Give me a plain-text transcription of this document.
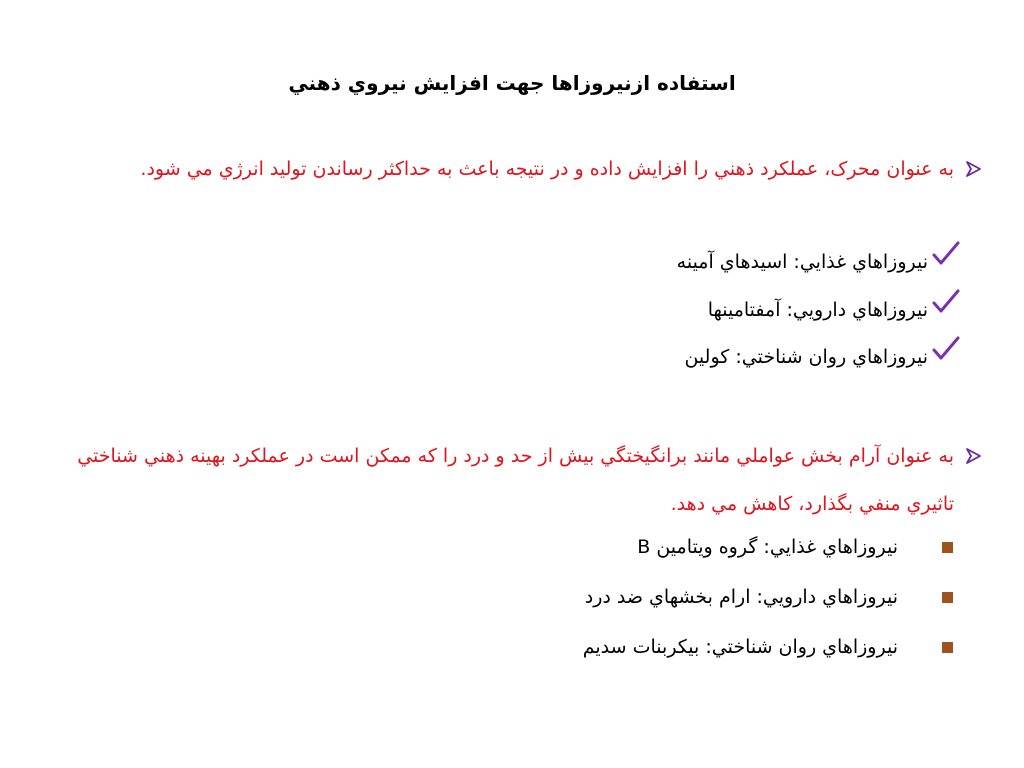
استفاده ازنيروزاها جهت افزايش نيروي ذهني

به عنوان محرک، عملکرد ذهني را افزايش داده و در نتيجه باعث به حداکثر رساندن توليد انرژي مي شود.

نيروزاهاي غذايي: اسيدهاي آمينه
نيروزاهاي دارويي: آمفتامينها
نيروزاهاي روان شناختي: کولين

به عنوان آرام بخش عواملي مانند برانگيختگي بيش از حد و درد را که ممکن است در عملکرد بهينه ذهني شناختي تاثيري منفي بگذارد، کاهش مي دهد.

نيروزاهاي غذايي: گروه ويتامين B
نيروزاهاي دارويي: ارام بخشهاي ضد درد
نيروزاهاي روان شناختي: بيکربنات سديم
